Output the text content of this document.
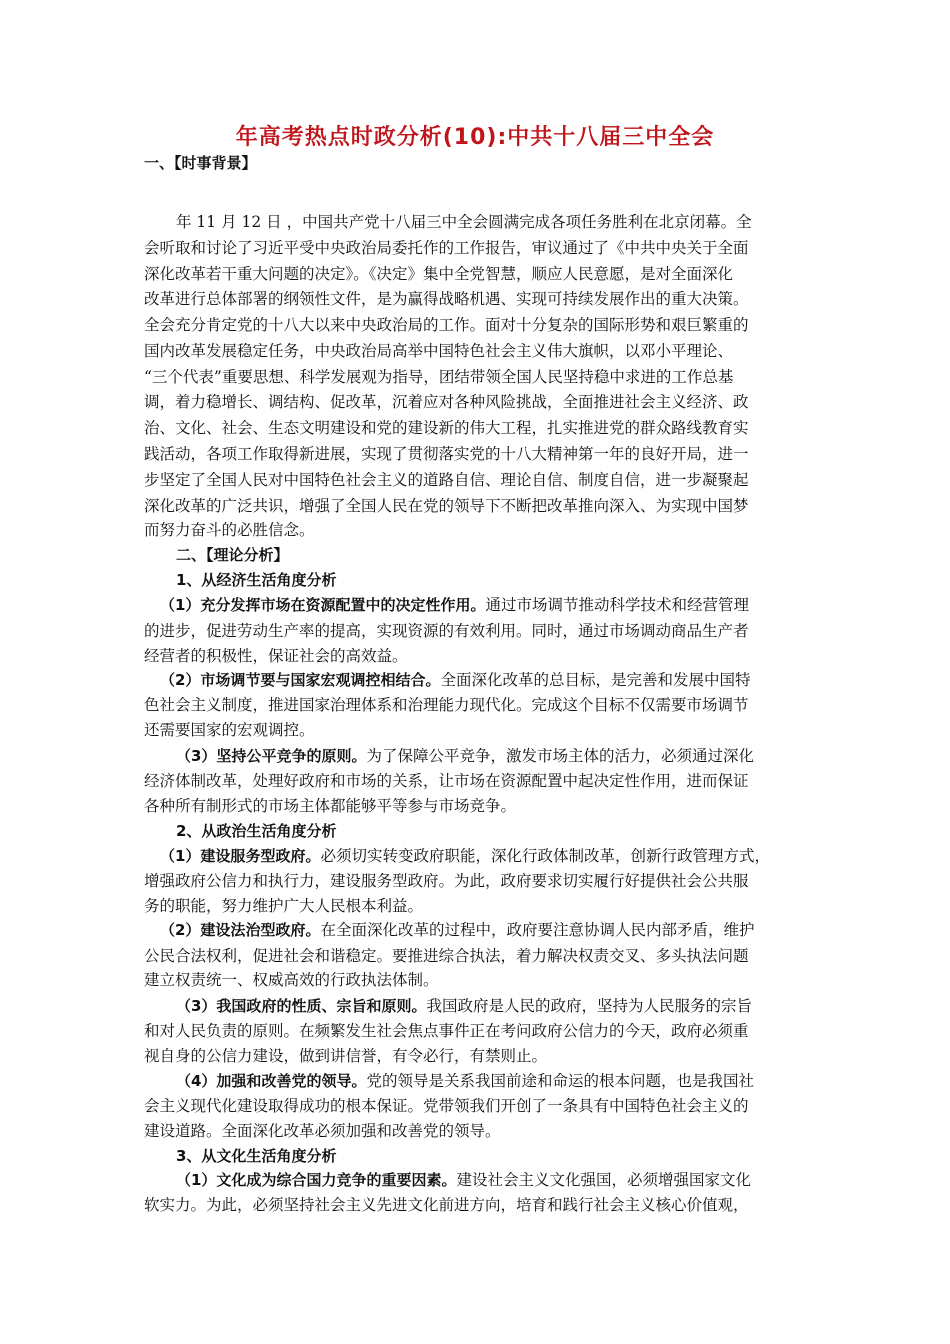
年高考热点时政分析(10):中共十八届三中全会
一、【时事背景】
年 11 月 12 日 ，中国共产党十八届三中全会圆满完成各项任务胜利在北京闭幕。全
会听取和讨论了习近平受中央政治局委托作的工作报告，审议通过了《中共中央关于全面
深化改革若干重大问题的决定》。《决定》集中全党智慧，顺应人民意愿，是对全面深化
改革进行总体部署的纲领性文件，是为赢得战略机遇、实现可持续发展作出的重大决策。
全会充分肯定党的十八大以来中央政治局的工作。面对十分复杂的国际形势和艰巨繁重的
国内改革发展稳定任务，中央政治局高举中国特色社会主义伟大旗帜，以邓小平理论、
“三个代表”重要思想、科学发展观为指导，团结带领全国人民坚持稳中求进的工作总基
调，着力稳增长、调结构、促改革，沉着应对各种风险挑战，全面推进社会主义经济、政
治、文化、社会、生态文明建设和党的建设新的伟大工程，扎实推进党的群众路线教育实
践活动，各项工作取得新进展，实现了贯彻落实党的十八大精神第一年的良好开局，进一
步坚定了全国人民对中国特色社会主义的道路自信、理论自信、制度自信，进一步凝聚起
深化改革的广泛共识，增强了全国人民在党的领导下不断把改革推向深入、为实现中国梦
而努力奋斗的必胜信念。
二、【理论分析】
1、从经济生活角度分析
（1）充分发挥市场在资源配置中的决定性作用。通过市场调节推动科学技术和经营管理
的进步，促进劳动生产率的提高，实现资源的有效利用。同时，通过市场调动商品生产者
经营者的积极性，保证社会的高效益。
（2）市场调节要与国家宏观调控相结合。全面深化改革的总目标，是完善和发展中国特
色社会主义制度，推进国家治理体系和治理能力现代化。完成这个目标不仅需要市场调节
还需要国家的宏观调控。
（3）坚持公平竞争的原则。为了保障公平竞争，激发市场主体的活力，必须通过深化
经济体制改革，处理好政府和市场的关系，让市场在资源配置中起决定性作用，进而保证
各种所有制形式的市场主体都能够平等参与市场竞争。
2、从政治生活角度分析
（1）建设服务型政府。必须切实转变政府职能，深化行政体制改革，创新行政管理方式，
增强政府公信力和执行力，建设服务型政府。为此，政府要求切实履行好提供社会公共服
务的职能，努力维护广大人民根本利益。
（2）建设法治型政府。在全面深化改革的过程中，政府要注意协调人民内部矛盾，维护
公民合法权利，促进社会和谐稳定。要推进综合执法，着力解决权责交叉、多头执法问题
建立权责统一、权威高效的行政执法体制。
（3）我国政府的性质、宗旨和原则。我国政府是人民的政府，坚持为人民服务的宗旨
和对人民负责的原则。在频繁发生社会焦点事件正在考问政府公信力的今天，政府必须重
视自身的公信力建设，做到讲信誉，有令必行，有禁则止。
（4）加强和改善党的领导。党的领导是关系我国前途和命运的根本问题，也是我国社
会主义现代化建设取得成功的根本保证。党带领我们开创了一条具有中国特色社会主义的
建设道路。全面深化改革必须加强和改善党的领导。
3、从文化生活角度分析
（1）文化成为综合国力竞争的重要因素。建设社会主义文化强国，必须增强国家文化
软实力。为此，必须坚持社会主义先进文化前进方向，培育和践行社会主义核心价值观，
